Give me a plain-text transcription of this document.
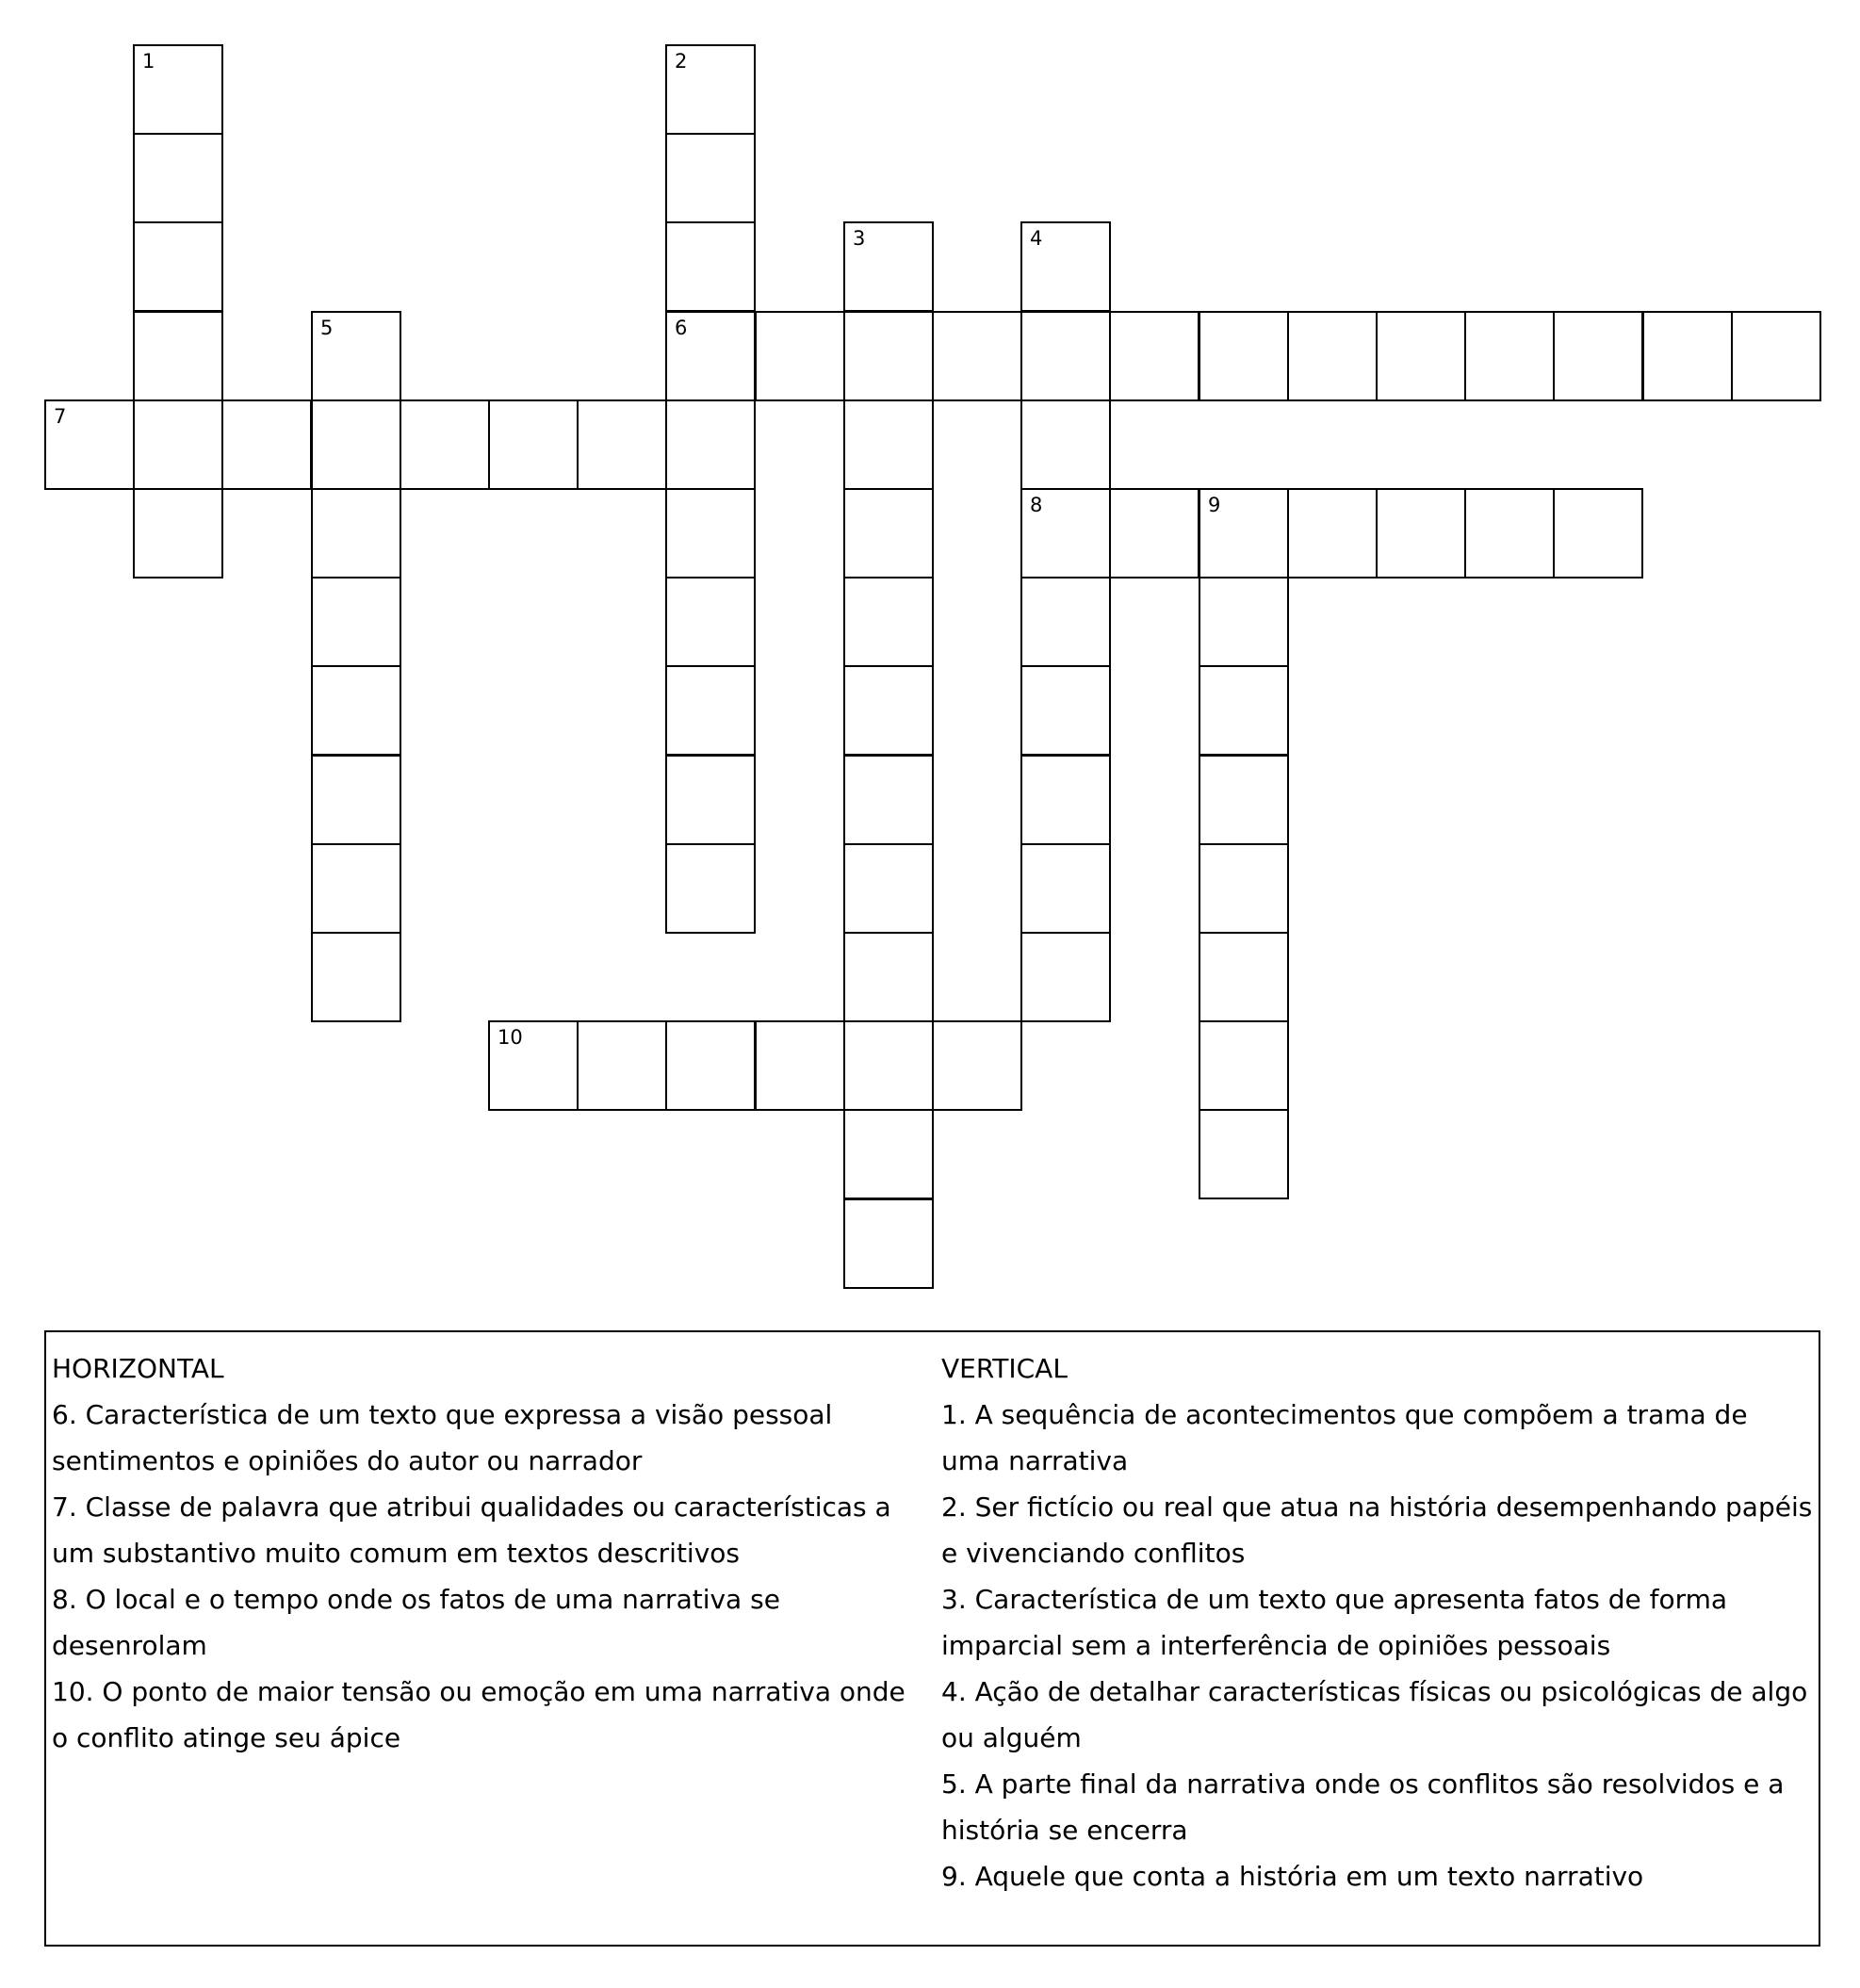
1	2
6
3	4
8
5
7
9
10

HORIZONTAL

6. Característica de um texto que expressa a visão pessoal sentimentos e opiniões do autor ou narrador

7. Classe de palavra que atribui qualidades ou características a um substantivo muito comum em textos descritivos

8. O local e o tempo onde os fatos de uma narrativa se desenrolam

10. O ponto de maior tensão ou emoção em uma narrativa onde o conflito atinge seu ápice

VERTICAL

1. A sequência de acontecimentos que compõem a trama de uma narrativa

2. Ser fictício ou real que atua na história desempenhando papéis e vivenciando conflitos

3. Característica de um texto que apresenta fatos de forma imparcial sem a interferência de opiniões pessoais

4. Ação de detalhar características físicas ou psicológicas de algo ou alguém

5. A parte final da narrativa onde os conflitos são resolvidos e a história se encerra

9. Aquele que conta a história em um texto narrativo
